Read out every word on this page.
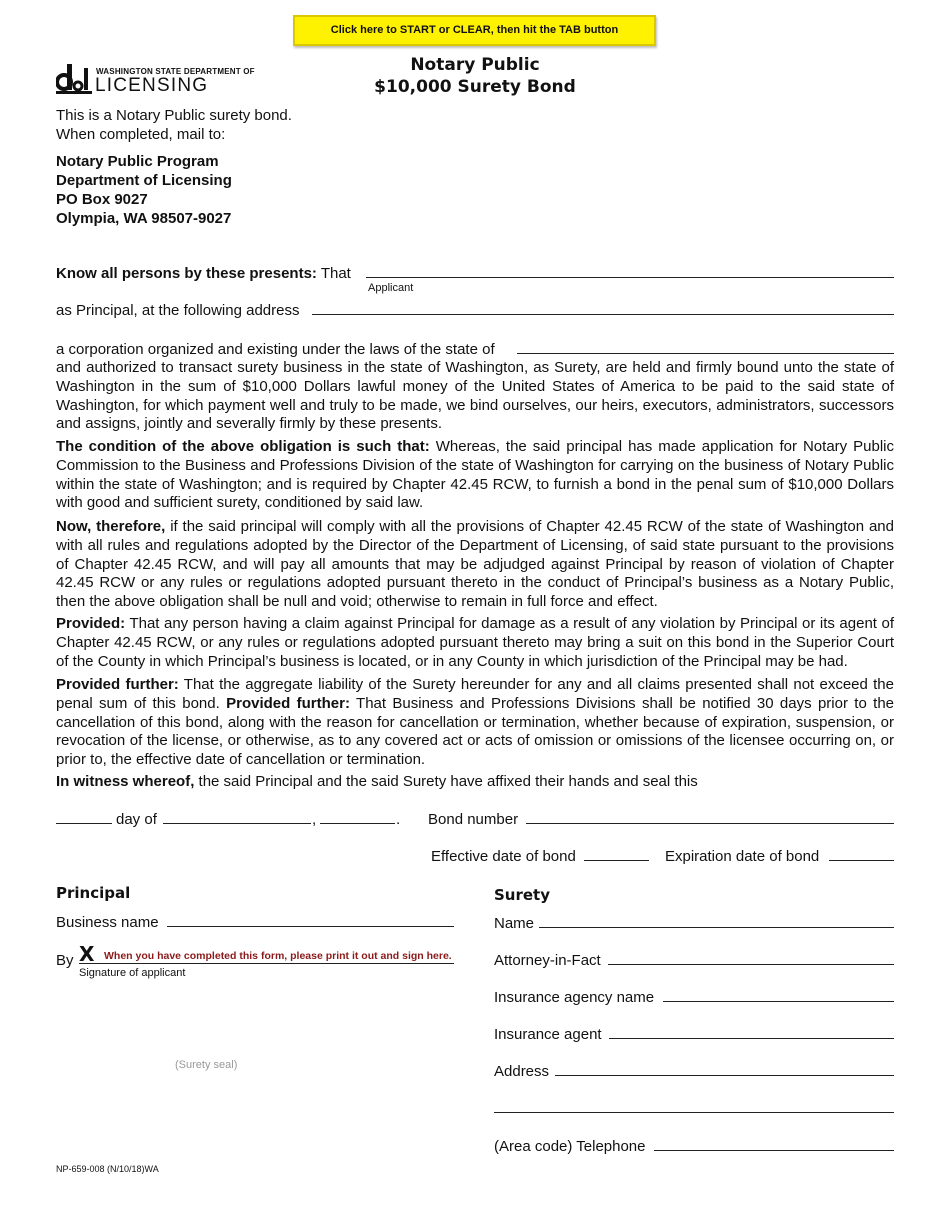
Click here to START or CLEAR, then hit the TAB button
WASHINGTON STATE DEPARTMENT OF
LICENSING
Notary Public
$10,000 Surety Bond
This is a Notary Public surety bond.
When completed, mail to:
Notary Public Program
Department of Licensing
PO Box 9027
Olympia, WA 98507-9027
Know all persons by these presents: That
Applicant
as Principal, at the following address
a corporation organized and existing under the laws of the state of
and authorized to transact surety business in the state of Washington, as Surety, are held and firmly bound unto the state of Washington in the sum of $10,000 Dollars lawful money of the United States of America to be paid to the said state of Washington, for which payment well and truly to be made, we bind ourselves, our heirs, executors, administrators, successors and assigns, jointly and severally firmly by these presents.
The condition of the above obligation is such that: Whereas, the said principal has made application for Notary Public Commission to the Business and Professions Division of the state of Washington for carrying on the business of Notary Public within the state of Washington; and is required by Chapter 42.45 RCW, to furnish a bond in the penal sum of $10,000 Dollars with good and sufficient surety, conditioned by said law.
Now, therefore, if the said principal will comply with all the provisions of Chapter 42.45 RCW of the state of Washington and with all rules and regulations adopted by the Director of the Department of Licensing, of said state pursuant to the provisions of Chapter 42.45 RCW, and will pay all amounts that may be adjudged against Principal by reason of violation of Chapter 42.45 RCW or any rules or regulations adopted pursuant thereto in the conduct of Principal’s business as a Notary Public, then the above obligation shall be null and void; otherwise to remain in full force and effect.
Provided: That any person having a claim against Principal for damage as a result of any violation by Principal or its agent of Chapter 42.45 RCW, or any rules or regulations adopted pursuant thereto may bring a suit on this bond in the Superior Court of the County in which Principal’s business is located, or in any County in which jurisdiction of the Principal may be had.
Provided further: That the aggregate liability of the Surety hereunder for any and all claims presented shall not exceed the penal sum of this bond. Provided further: That Business and Professions Divisions shall be notified 30 days prior to the cancellation of this bond, along with the reason for cancellation or termination, whether because of expiration, suspension, or revocation of the license, or otherwise, as to any covered act or acts of omission or omissions of the licensee occurring on, or prior to, the effective date of cancellation or termination.
In witness whereof, the said Principal and the said Surety have affixed their hands and seal this
day of	,	. Bond number
Effective date of bond	Expiration date of bond
Principal
Business name
By X When you have completed this form, please print it out and sign here.
Signature of applicant
(Surety seal)
Surety
Name
Attorney-in-Fact
Insurance agency name
Insurance agent
Address
(Area code) Telephone
NP-659-008 (N/10/18)WA
